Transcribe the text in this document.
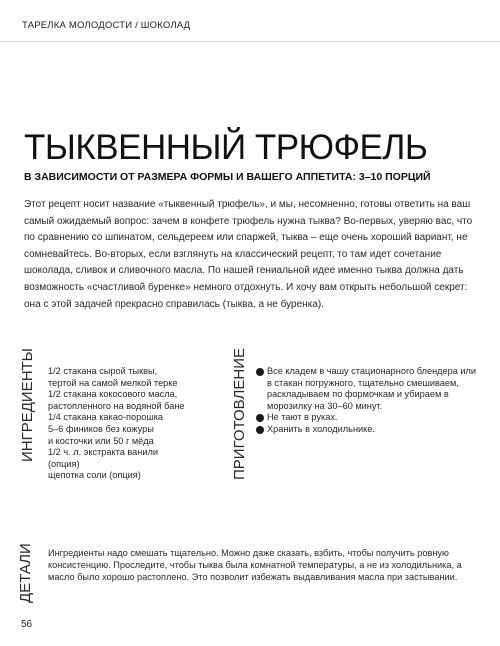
ТАРЕЛКА МОЛОДОСТИ / ШОКОЛАД
ТЫКВЕННЫЙ ТРЮФЕЛЬ
В ЗАВИСИМОСТИ ОТ РАЗМЕРА ФОРМЫ И ВАШЕГО АППЕТИТА: 3–10 ПОРЦИЙ

Этот рецепт носит название «тыквенный трюфель», и мы, несомненно, готовы ответить на ваш самый ожидаемый вопрос: зачем в конфете трюфель нужна тыква? Во-первых, уверяю вас, что по сравнению со шпинатом, сельдереем или спаржей, тыква – еще очень хороший вариант, не сомневайтесь. Во-вторых, если взглянуть на классический рецепт, то там идет сочетание шоколада, сливок и сливочного масла. По нашей гениальной идее именно тыква должна дать возможность «счастливой буренке» немного отдохнуть. И хочу вам открыть небольшой секрет: она с этой задачей прекрасно справилась (тыква, а не буренка).

ИНГРЕДИЕНТЫ 1/2 стакана сырой тыквы,
тертой на самой мелкой терке
1/2 стакана кокосового масла,
растопленного на водяной бане
1/4 стакана какао-порошка
5–6 фиников без кожуры
и косточки или 50 г мёда
1/2 ч. л. экстракта ванили
(опция)
щепотка соли (опция)	ПРИГОТОВЛЕНИЕ	Все кладем в чашу стационарного блендера или в стакан погружного, тщательно смешиваем, раскладываем по формочкам и убираем в морозилку на 30–60 минут.
Не тают в руках.
Хранить в холодильнике.
ДЕТАЛИ Ингредиенты надо смешать тщательно. Можно даже сказать, взбить, чтобы получить ровную консистенцию. Проследите, чтобы тыква была комнатной температуры, а не из холодильника, а масло было хорошо растоплено. Это позволит избежать выдавливания масла при застывании.

56
